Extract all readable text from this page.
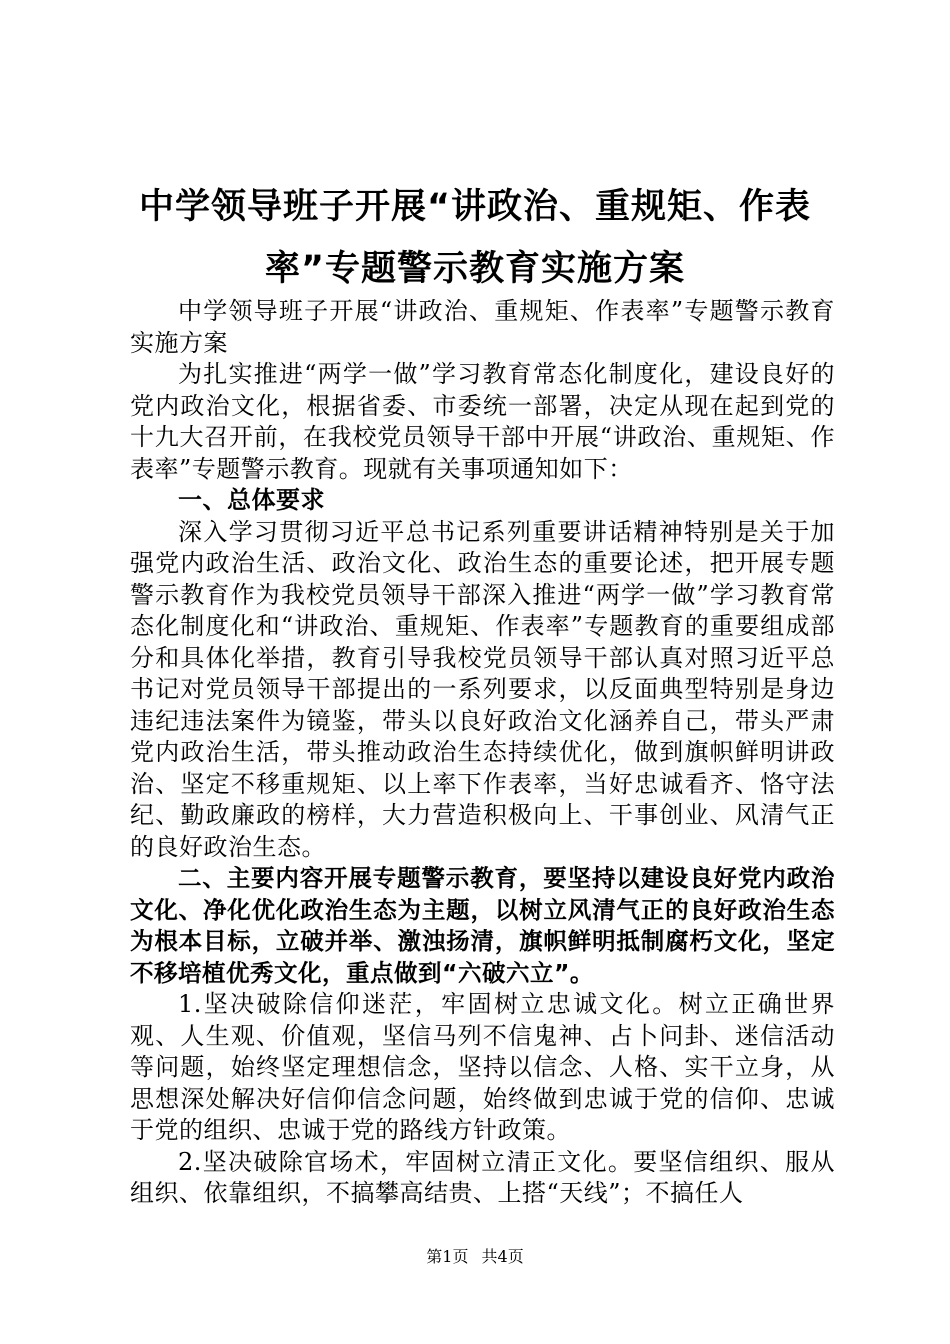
中学领导班子开展“讲政治、重规矩、作表
率”专题警示教育实施方案

中学领导班子开展“讲政治、重规矩、作表率”专题警示教育实施方案

为扎实推进“两学一做”学习教育常态化制度化，建设良好的党内政治文化，根据省委、市委统一部署，决定从现在起到党的十九大召开前，在我校党员领导干部中开展“讲政治、重规矩、作表率”专题警示教育。现就有关事项通知如下：

一、总体要求

深入学习贯彻习近平总书记系列重要讲话精神特别是关于加强党内政治生活、政治文化、政治生态的重要论述，把开展专题警示教育作为我校党员领导干部深入推进“两学一做”学习教育常态化制度化和“讲政治、重规矩、作表率”专题教育的重要组成部分和具体化举措，教育引导我校党员领导干部认真对照习近平总书记对党员领导干部提出的一系列要求，以反面典型特别是身边违纪违法案件为镜鉴，带头以良好政治文化涵养自己，带头严肃党内政治生活，带头推动政治生态持续优化，做到旗帜鲜明讲政治、坚定不移重规矩、以上率下作表率，当好忠诚看齐、恪守法纪、勤政廉政的榜样，大力营造积极向上、干事创业、风清气正的良好政治生态。

二、主要内容开展专题警示教育，要坚持以建设良好党内政治文化、净化优化政治生态为主题，以树立风清气正的良好政治生态为根本目标，立破并举、激浊扬清，旗帜鲜明抵制腐朽文化，坚定不移培植优秀文化，重点做到“六破六立”。

1.坚决破除信仰迷茫，牢固树立忠诚文化。树立正确世界观、人生观、价值观，坚信马列不信鬼神、占卜问卦、迷信活动等问题，始终坚定理想信念，坚持以信念、人格、实干立身，从思想深处解决好信仰信念问题，始终做到忠诚于党的信仰、忠诚于党的组织、忠诚于党的路线方针政策。

2.坚决破除官场术，牢固树立清正文化。要坚信组织、服从组织、依靠组织，不搞攀高结贵、上搭“天线”；不搞任人

第1页 共4页
